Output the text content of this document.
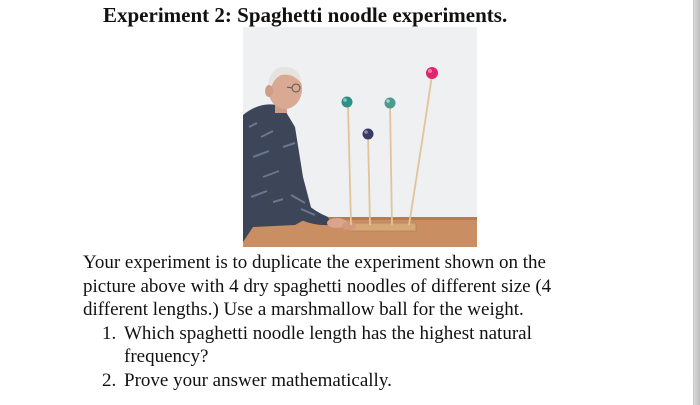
Experiment 2: Spaghetti noodle experiments.

Your experiment is to duplicate the experiment shown on the
picture above with 4 dry spaghetti noodles of different size (4
different lengths.) Use a marshmallow ball for the weight.

1. Which spaghetti noodle length has the highest natural
frequency?
2. Prove your answer mathematically.
